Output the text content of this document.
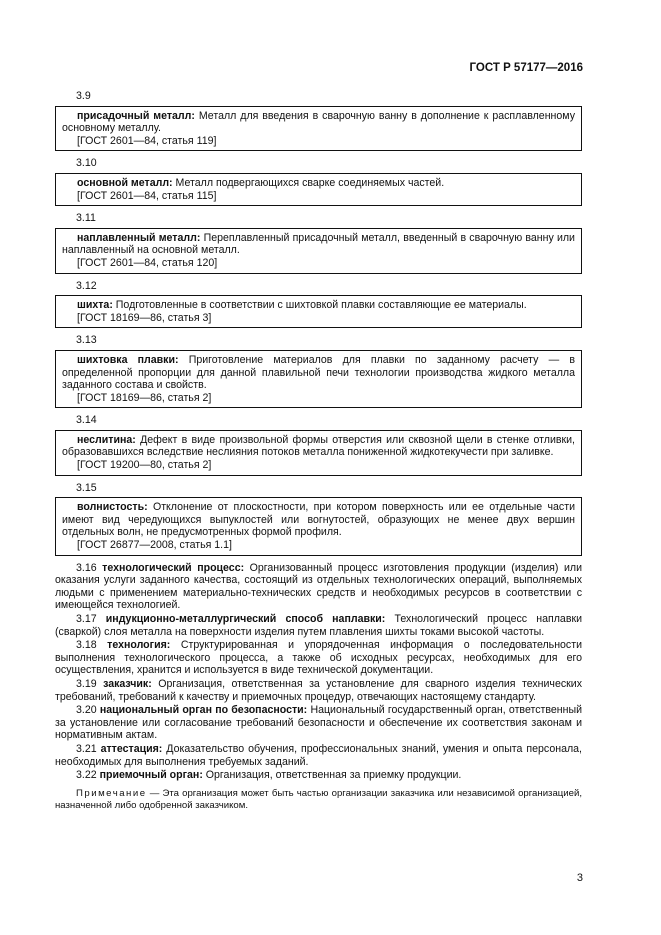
ГОСТ Р 57177—2016
3.9
присадочный металл: Металл для введения в сварочную ванну в дополнение к расплавленному основному металлу.
[ГОСТ 2601—84, статья 119]
3.10
основной металл: Металл подвергающихся сварке соединяемых частей.
[ГОСТ 2601—84, статья 115]
3.11
наплавленный металл: Переплавленный присадочный металл, введенный в сварочную ванну или наплавленный на основной металл.
[ГОСТ 2601—84, статья 120]
3.12
шихта: Подготовленные в соответствии с шихтовкой плавки составляющие ее материалы.
[ГОСТ 18169—86, статья 3]
3.13
шихтовка плавки: Приготовление материалов для плавки по заданному расчету — в определенной пропорции для данной плавильной печи технологии производства жидкого металла заданного состава и свойств.
[ГОСТ 18169—86, статья 2]
3.14
неслитина: Дефект в виде произвольной формы отверстия или сквозной щели в стенке отливки, образовавшихся вследствие неслияния потоков металла пониженной жидкотекучести при заливке.
[ГОСТ 19200—80, статья 2]
3.15
волнистость: Отклонение от плоскостности, при котором поверхность или ее отдельные части имеют вид чередующихся выпуклостей или вогнутостей, образующих не менее двух вершин отдельных волн, не предусмотренных формой профиля.
[ГОСТ 26877—2008, статья 1.1]
3.16 технологический процесс: Организованный процесс изготовления продукции (изделия) или оказания услуги заданного качества, состоящий из отдельных технологических операций, выполняемых людьми с применением материально-технических средств и необходимых ресурсов в соответствии с имеющейся технологией.
3.17 индукционно-металлургический способ наплавки: Технологический процесс наплавки (сваркой) слоя металла на поверхности изделия путем плавления шихты токами высокой частоты.
3.18 технология: Структурированная и упорядоченная информация о последовательности выполнения технологического процесса, а также об исходных ресурсах, необходимых для его осуществления, хранится и используется в виде технической документации.
3.19 заказчик: Организация, ответственная за установление для сварного изделия технических требований, требований к качеству и приемочных процедур, отвечающих настоящему стандарту.
3.20 национальный орган по безопасности: Национальный государственный орган, ответственный за установление или согласование требований безопасности и обеспечение их соответствия законам и нормативным актам.
3.21 аттестация: Доказательство обучения, профессиональных знаний, умения и опыта персонала, необходимых для выполнения требуемых заданий.
3.22 приемочный орган: Организация, ответственная за приемку продукции.
Примечание — Эта организация может быть частью организации заказчика или независимой организацией, назначенной либо одобренной заказчиком.
3
